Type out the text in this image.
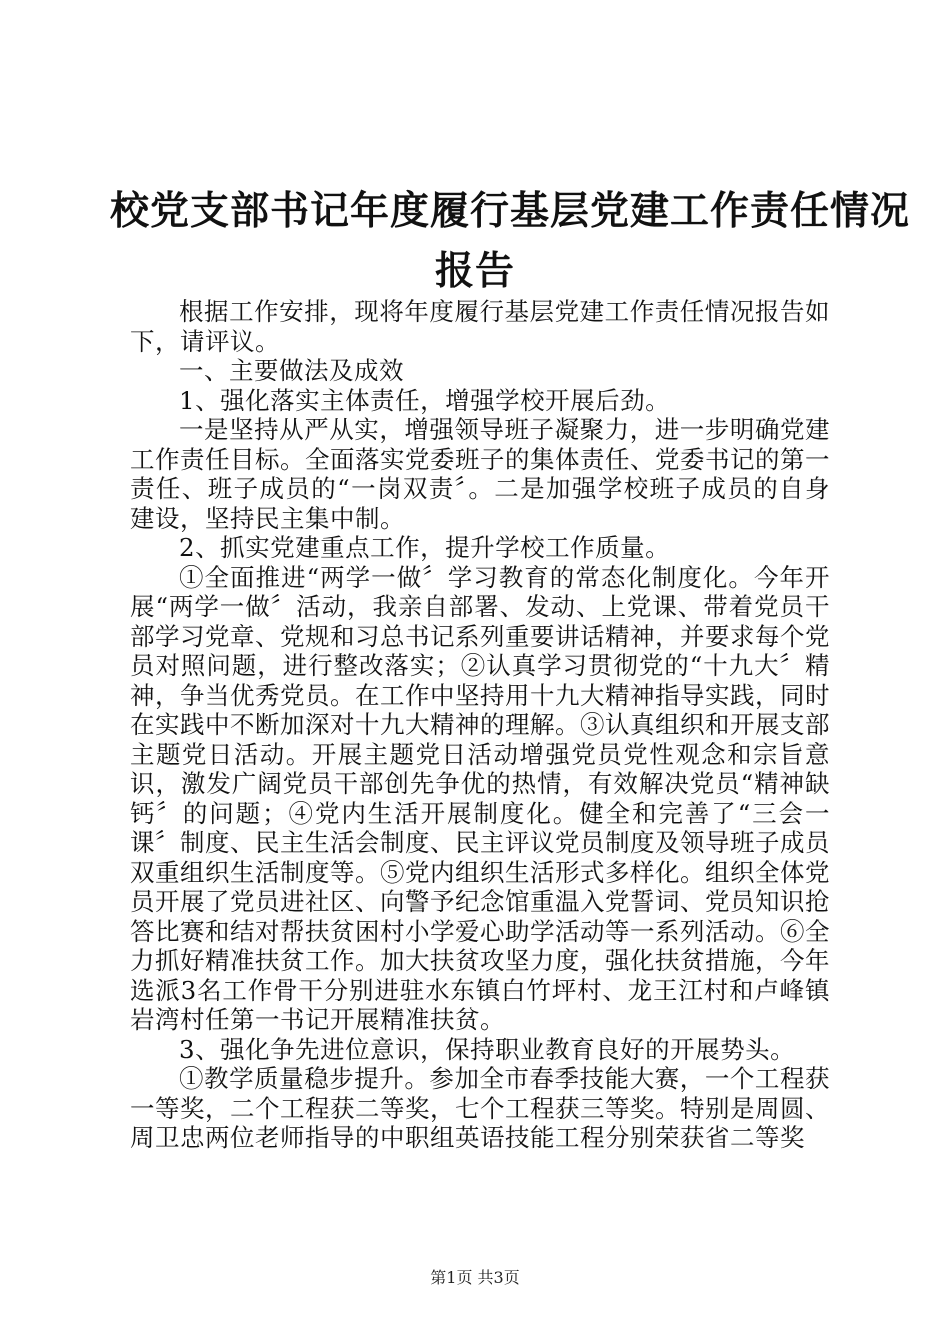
校党支部书记年度履行基层党建工作责任情况
报告

根据工作安排，现将年度履行基层党建工作责任情况报告如下，请评议。

一、主要做法及成效

1、强化落实主体责任，增强学校开展后劲。

一是坚持从严从实，增强领导班子凝聚力，进一步明确党建工作责任目标。全面落实党委班子的集体责任、党委书记的第一责任、班子成员的“一岗双责〞。二是加强学校班子成员的自身建设，坚持民主集中制。

2、抓实党建重点工作，提升学校工作质量。

①全面推进“两学一做〞学习教育的常态化制度化。今年开展“两学一做〞活动，我亲自部署、发动、上党课、带着党员干部学习党章、党规和习总书记系列重要讲话精神，并要求每个党员对照问题，进行整改落实；②认真学习贯彻党的“十九大〞精神，争当优秀党员。在工作中坚持用十九大精神指导实践，同时在实践中不断加深对十九大精神的理解。③认真组织和开展支部主题党日活动。开展主题党日活动增强党员党性观念和宗旨意识，激发广阔党员干部创先争优的热情，有效解决党员“精神缺钙〞的问题；④党内生活开展制度化。健全和完善了“三会一课〞制度、民主生活会制度、民主评议党员制度及领导班子成员双重组织生活制度等。⑤党内组织生活形式多样化。组织全体党员开展了党员进社区、向警予纪念馆重温入党誓词、党员知识抢答比赛和结对帮扶贫困村小学爱心助学活动等一系列活动。⑥全力抓好精准扶贫工作。加大扶贫攻坚力度，强化扶贫措施，今年选派3名工作骨干分别进驻水东镇白竹坪村、龙王江村和卢峰镇岩湾村任第一书记开展精准扶贫。

3、强化争先进位意识，保持职业教育良好的开展势头。

①教学质量稳步提升。参加全市春季技能大赛，一个工程获一等奖，二个工程获二等奖，七个工程获三等奖。特别是周圆、周卫忠两位老师指导的中职组英语技能工程分别荣获省二等奖

第1页 共3页
